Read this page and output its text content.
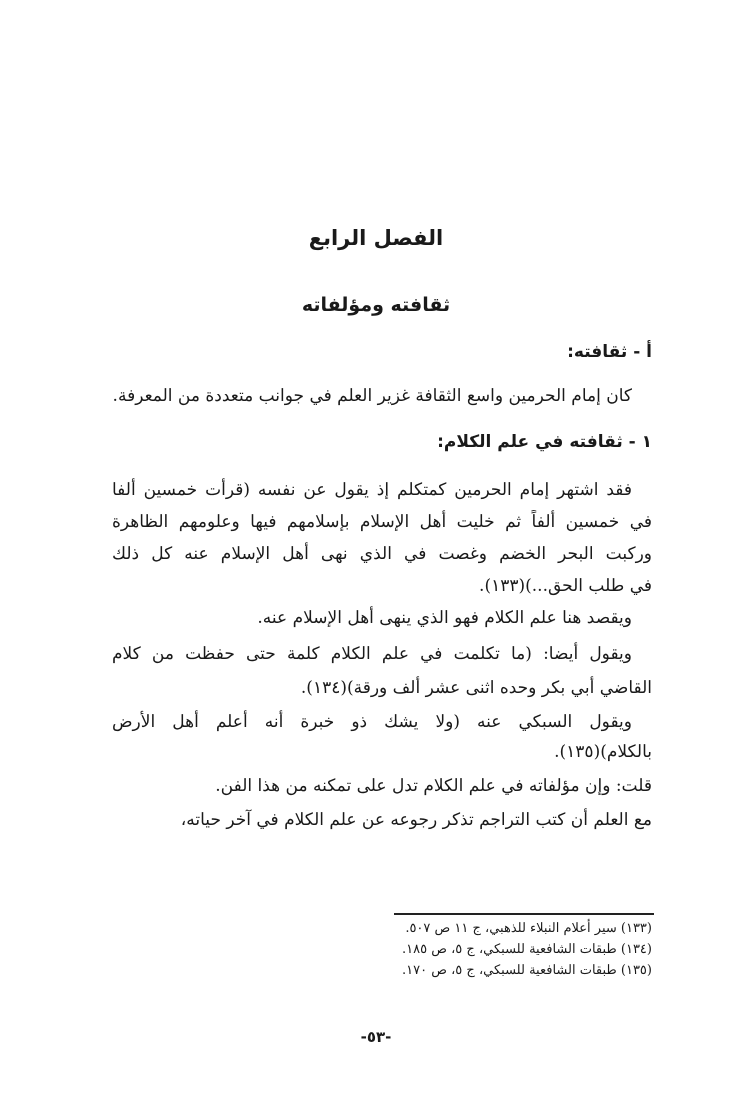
الفصل الرابع
ثقافته ومؤلفاته
أ - ثقافته:
كان إمام الحرمين واسع الثقافة غزير العلم في جوانب متعددة من المعرفة.
١ - ثقافته في علم الكلام:
فقد اشتهر إمام الحرمين كمتكلم إذ يقول عن نفسه (قرأت خمسين ألفا
في خمسين ألفاً ثم خليت أهل الإسلام بإسلامهم فيها وعلومهم الظاهرة
وركبت البحر الخضم وغصت في الذي نهى أهل الإسلام عنه كل ذلك
في طلب الحق...)(١٣٣).
ويقصد هنا علم الكلام فهو الذي ينهى أهل الإسلام عنه.
ويقول أيضا: (ما تكلمت في علم الكلام كلمة حتى حفظت من كلام
القاضي أبي بكر وحده اثنى عشر ألف ورقة)(١٣٤).
ويقول السبكي عنه (ولا يشك ذو خبرة أنه أعلم أهل الأرض
بالكلام)(١٣٥).
قلت: وإن مؤلفاته في علم الكلام تدل على تمكنه من هذا الفن.
مع العلم أن كتب التراجم تذكر رجوعه عن علم الكلام في آخر حياته،
(١٣٣) سير أعلام النبلاء للذهبي، ج ١١ ص ٥٠٧.
(١٣٤) طبقات الشافعية للسبكي، ج ٥، ص ١٨٥.
(١٣٥) طبقات الشافعية للسبكي، ج ٥، ص ١٧٠.
-٥٣-
